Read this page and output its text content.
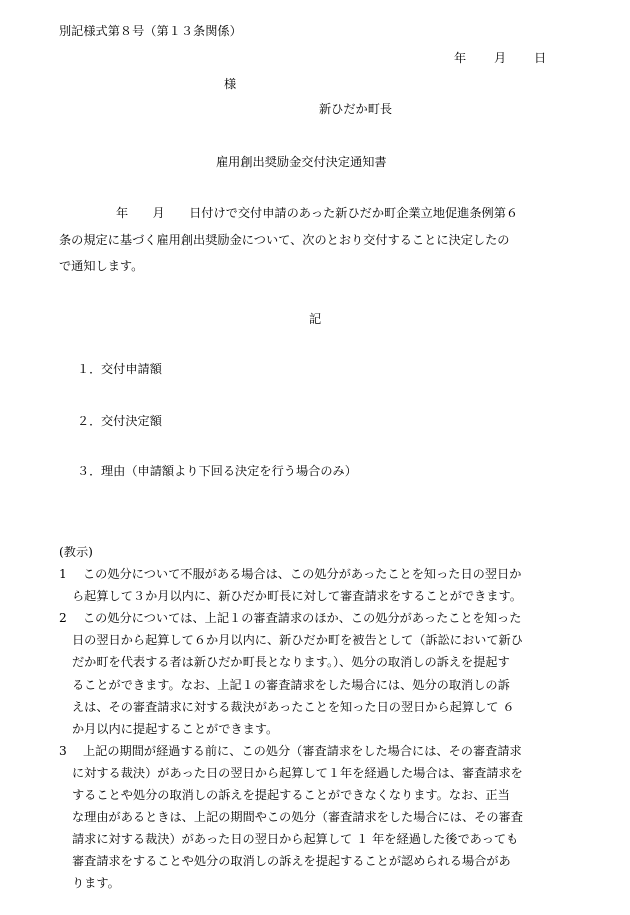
別記様式第８号（第１３条関係）
年 月 日
様
新ひだか町長
雇用創出奨励金交付決定通知書
年　　月　　日付けで交付申請のあった新ひだか町企業立地促進条例第６
条の規定に基づく雇用創出奨励金について、次のとおり交付することに決定したの
で通知します。
記
１．交付申請額
２．交付決定額
３．理由（申請額より下回る決定を行う場合のみ）
(教示)
1	この処分について不服がある場合は、この処分があったことを知った日の翌日か
ら起算して３か月以内に、新ひだか町長に対して審査請求をすることができます。
2	この処分については、上記１の審査請求のほか、この処分があったことを知った
日の翌日から起算して６か月以内に、新ひだか町を被告として（訴訟において新ひ
だか町を代表する者は新ひだか町長となります。）、処分の取消しの訴えを提起す
ることができます。なお、上記１の審査請求をした場合には、処分の取消しの訴
えは、その審査請求に対する裁決があったことを知った日の翌日から起算して ６
か月以内に提起することができます。
3	上記の期間が経過する前に、この処分（審査請求をした場合には、その審査請求
に対する裁決）があった日の翌日から起算して１年を経過した場合は、審査請求を
することや処分の取消しの訴えを提起することができなくなります。なお、正当
な理由があるときは、上記の期間やこの処分（審査請求をした場合には、その審査
請求に対する裁決）があった日の翌日から起算して １ 年を経過した後であっても
審査請求をすることや処分の取消しの訴えを提起することが認められる場合があ
ります。
